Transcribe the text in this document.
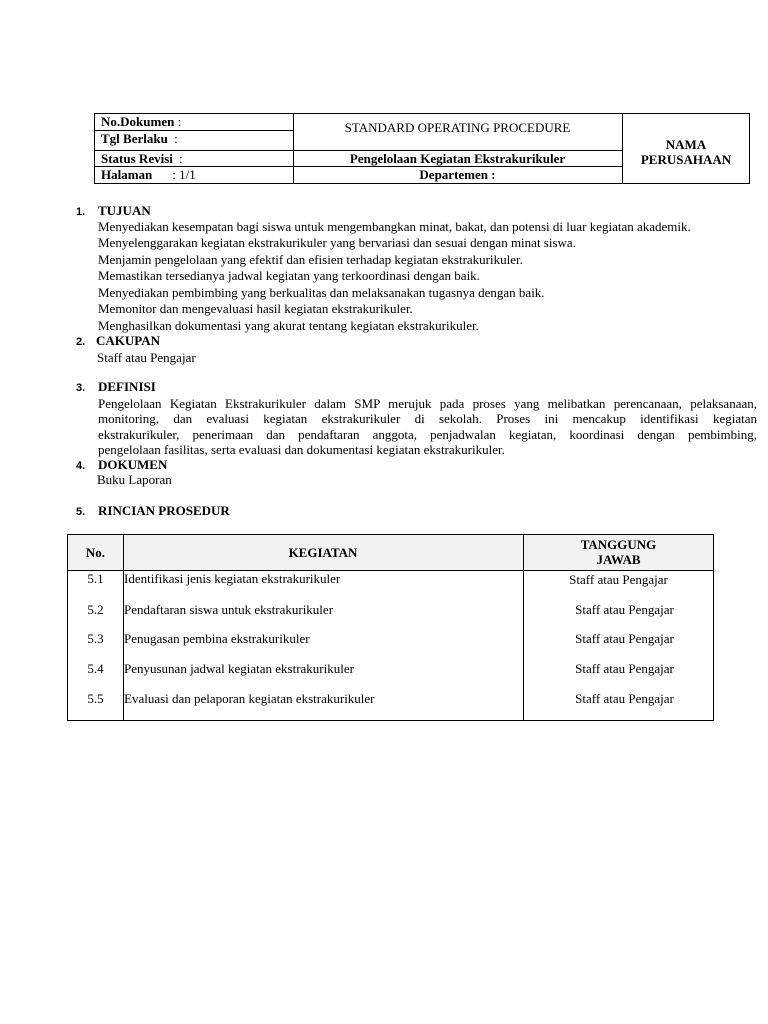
No.Dokumen :
Tgl Berlaku :
Status Revisi :
Halaman : 1/1
STANDARD OPERATING PROCEDURE
Pengelolaan Kegiatan Ekstrakurikuler
Departemen :
NAMA
PERUSAHAAN
1. TUJUAN
Menyediakan kesempatan bagi siswa untuk mengembangkan minat, bakat, dan potensi di luar kegiatan akademik.
Menyelenggarakan kegiatan ekstrakurikuler yang bervariasi dan sesuai dengan minat siswa.
Menjamin pengelolaan yang efektif dan efisien terhadap kegiatan ekstrakurikuler.
Memastikan tersedianya jadwal kegiatan yang terkoordinasi dengan baik.
Menyediakan pembimbing yang berkualitas dan melaksanakan tugasnya dengan baik.
Memonitor dan mengevaluasi hasil kegiatan ekstrakurikuler.
Menghasilkan dokumentasi yang akurat tentang kegiatan ekstrakurikuler.
2. CAKUPAN
Staff atau Pengajar
3. DEFINISI
Pengelolaan Kegiatan Ekstrakurikuler dalam SMP merujuk pada proses yang melibatkan perencanaan, pelaksanaan,
monitoring, dan evaluasi kegiatan ekstrakurikuler di sekolah. Proses ini mencakup identifikasi kegiatan
ekstrakurikuler, penerimaan dan pendaftaran anggota, penjadwalan kegiatan, koordinasi dengan pembimbing,
pengelolaan fasilitas, serta evaluasi dan dokumentasi kegiatan ekstrakurikuler.
4. DOKUMEN
Buku Laporan
5. RINCIAN PROSEDUR
No.	KEGIATAN
TANGGUNG
JAWAB
5.1	Identifikasi jenis kegiatan ekstrakurikuler	Staff atau Pengajar
5.2	Pendaftaran siswa untuk ekstrakurikuler	Staff atau Pengajar
5.3	Penugasan pembina ekstrakurikuler	Staff atau Pengajar
5.4	Penyusunan jadwal kegiatan ekstrakurikuler	Staff atau Pengajar
5.5	Evaluasi dan pelaporan kegiatan ekstrakurikuler	Staff atau Pengajar
